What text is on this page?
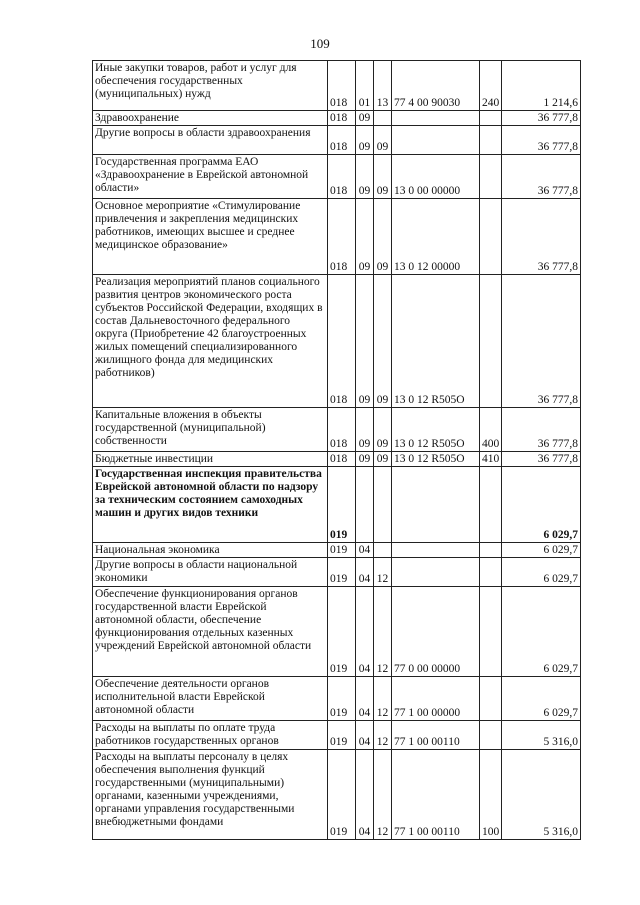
109
Иные закупки товаров, работ и услуг для обеспечения государственных (муниципальных) нужд	018	01	13	77 4 00 90030	240	1 214,6
Здравоохранение	018	09				36 777,8
Другие вопросы в области здравоохранения	018	09	09			36 777,8
Государственная программа ЕАО «Здравоохранение в Еврейской автономной области»	018	09	09	13 0 00 00000		36 777,8
Основное мероприятие «Стимулирование привлечения и закрепления медицинских работников, имеющих высшее и среднее медицинское образование»	018	09	09	13 0 12 00000		36 777,8
Реализация мероприятий планов социального развития центров экономического роста субъектов Российской Федерации, входящих в состав Дальневосточного федерального округа (Приобретение 42 благоустроенных жилых помещений специализированного жилищного фонда для медицинских работников)	018	09	09	13 0 12 R505O		36 777,8
Капитальные вложения в объекты государственной (муниципальной) собственности	018	09	09	13 0 12 R505O	400	36 777,8
Бюджетные инвестиции	018	09	09	13 0 12 R505O	410	36 777,8
Государственная инспекция правительства Еврейской автономной области по надзору за техническим состоянием самоходных машин и других видов техники	019					6 029,7
Национальная экономика	019	04				6 029,7
Другие вопросы в области национальной экономики	019	04	12			6 029,7
Обеспечение функционирования органов государственной власти Еврейской автономной области, обеспечение функционирования отдельных казенных учреждений Еврейской автономной области	019	04	12	77 0 00 00000		6 029,7
Обеспечение деятельности органов исполнительной власти Еврейской автономной области	019	04	12	77 1 00 00000		6 029,7
Расходы на выплаты по оплате труда работников государственных органов	019	04	12	77 1 00 00110		5 316,0
Расходы на выплаты персоналу в целях обеспечения выполнения функций государственными (муниципальными) органами, казенными учреждениями, органами управления государственными внебюджетными фондами	019	04	12	77 1 00 00110	100	5 316,0
